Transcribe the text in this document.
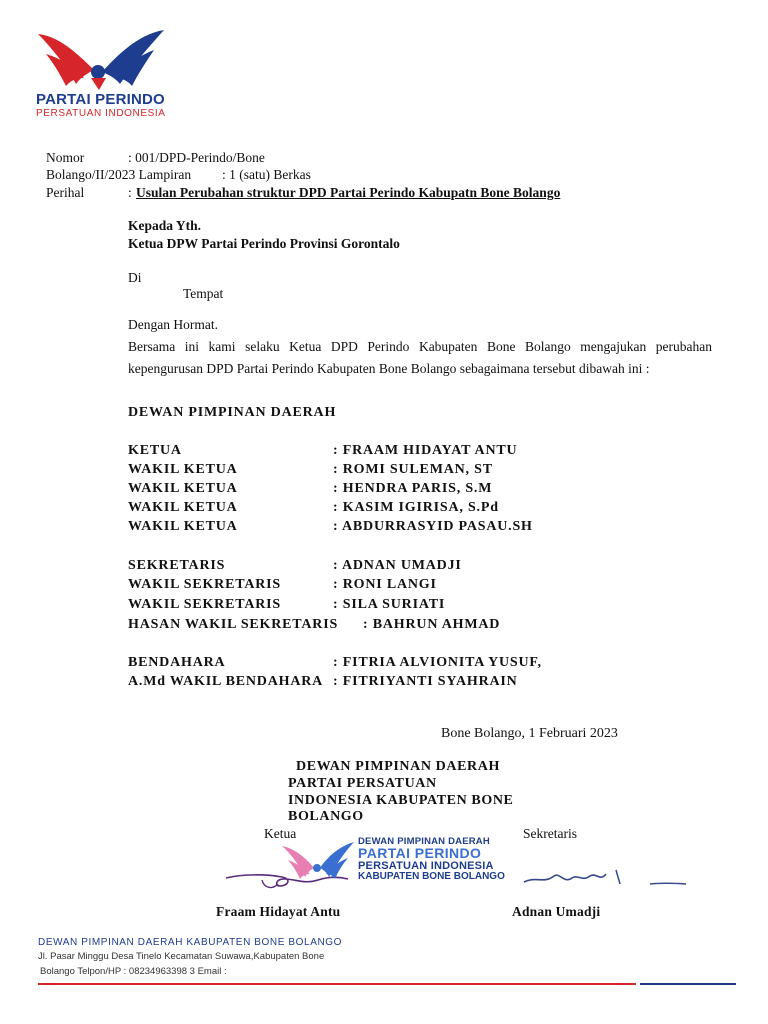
PARTAI PERINDO
PERSATUAN INDONESIA
Nomor	: 001/DPD-Perindo/Bone
Bolango/II/2023 Lampiran : 1 (satu) Berkas
Perihal	: Usulan Perubahan struktur DPD Partai Perindo Kabupatn Bone Bolango
Kepada Yth.
Ketua DPW Partai Perindo Provinsi Gorontalo
Di
Tempat
Dengan Hormat.
Bersama ini kami selaku Ketua DPD Perindo Kabupaten Bone Bolango mengajukan perubahan
kepengurusan DPD Partai Perindo Kabupaten Bone Bolango sebagaimana tersebut dibawah ini :
DEWAN PIMPINAN DAERAH
KETUA	: FRAAM HIDAYAT ANTU
WAKIL KETUA	: ROMI SULEMAN, ST
WAKIL KETUA	: HENDRA PARIS, S.M
WAKIL KETUA	: KASIM IGIRISA, S.Pd
WAKIL KETUA	: ABDURRASYID PASAU.SH
SEKRETARIS	: ADNAN UMADJI
WAKIL SEKRETARIS	: RONI LANGI
WAKIL SEKRETARIS	: SILA SURIATI
HASAN WAKIL SEKRETARIS : BAHRUN AHMAD
BENDAHARA	: FITRIA ALVIONITA YUSUF,
A.Md WAKIL BENDAHARA : FITRIYANTI SYAHRAIN
Bone Bolango, 1 Februari 2023
DEWAN PIMPINAN DAERAH
PARTAI PERSATUAN
INDONESIA KABUPATEN BONE
BOLANGO
Ketua	Sekretaris
DEWAN PIMPINAN DAERAH
PARTAI PERINDO
PERSATUAN INDONESIA
KABUPATEN BONE BOLANGO
Fraam Hidayat Antu	Adnan Umadji
DEWAN PIMPINAN DAERAH KABUPATEN BONE BOLANGO
Jl. Pasar Minggu Desa Tinelo Kecamatan Suwawa,Kabupaten Bone
Bolango Telpon/HP : 08234963398 3 Email :
